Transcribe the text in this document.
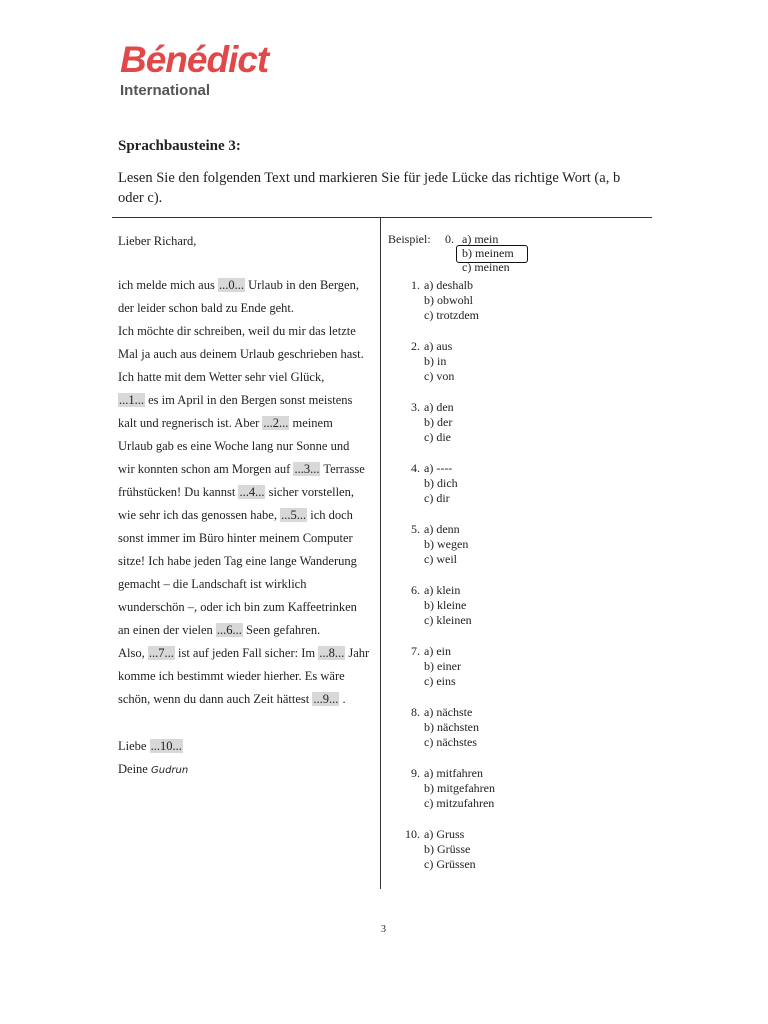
Bénédict
International
Sprachbausteine 3:
Lesen Sie den folgenden Text und markieren Sie für jede Lücke das richtige Wort (a, b oder c).
Lieber Richard,
ich melde mich aus ...0... Urlaub in den Bergen,
der leider schon bald zu Ende geht.
Ich möchte dir schreiben, weil du mir das letzte
Mal ja auch aus deinem Urlaub geschrieben hast.
Ich hatte mit dem Wetter sehr viel Glück,
...1... es im April in den Bergen sonst meistens
kalt und regnerisch ist. Aber ...2... meinem
Urlaub gab es eine Woche lang nur Sonne und
wir konnten schon am Morgen auf ...3... Terrasse
frühstücken! Du kannst ...4... sicher vorstellen,
wie sehr ich das genossen habe, ...5... ich doch
sonst immer im Büro hinter meinem Computer
sitze! Ich habe jeden Tag eine lange Wanderung
gemacht – die Landschaft ist wirklich
wunderschön –, oder ich bin zum Kaffeetrinken
an einen der vielen ...6... Seen gefahren.
Also, ...7... ist auf jeden Fall sicher: Im ...8... Jahr
komme ich bestimmt wieder hierher. Es wäre
schön, wenn du dann auch Zeit hättest ...9... .
Liebe ...10...
Deine Gudrun
Beispiel: 0. a) mein
b) meinem
c) meinen
1. a) deshalb
b) obwohl
c) trotzdem
2. a) aus
b) in
c) von
3. a) den
b) der
c) die
4. a) ----
b) dich
c) dir
5. a) denn
b) wegen
c) weil
6. a) klein
b) kleine
c) kleinen
7. a) ein
b) einer
c) eins
8. a) nächste
b) nächsten
c) nächstes
9. a) mitfahren
b) mitgefahren
c) mitzufahren
10. a) Gruss
b) Grüsse
c) Grüssen
3
